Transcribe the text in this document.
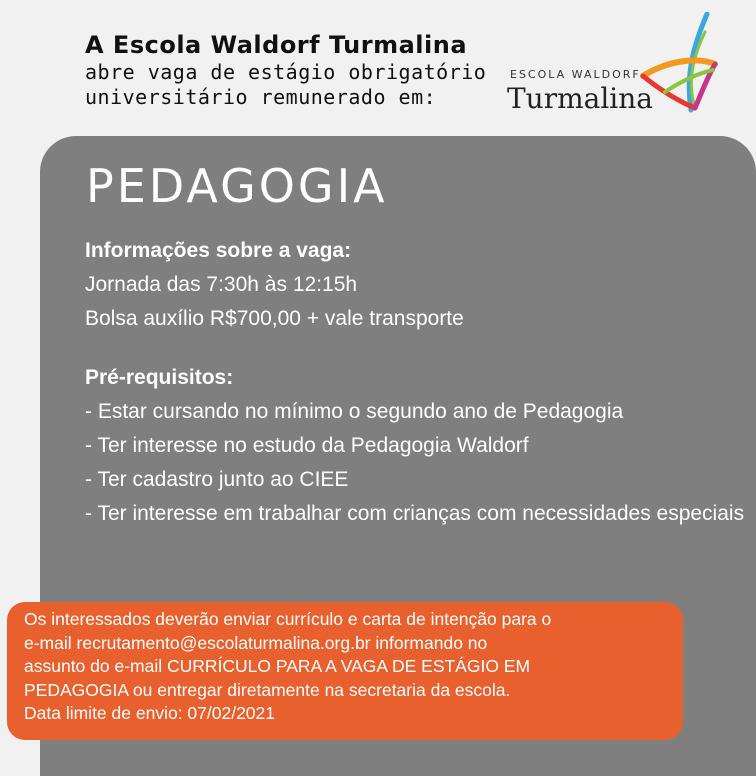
A Escola Waldorf Turmalina
abre vaga de estágio obrigatório
universitário remunerado em:
ESCOLA WALDORF
Turmalina
PEDAGOGIA
Informações sobre a vaga:
Jornada das 7:30h às 12:15h
Bolsa auxílio R$700,00 + vale transporte
Pré-requisitos:
- Estar cursando no mínimo o segundo ano de Pedagogia
- Ter interesse no estudo da Pedagogia Waldorf
- Ter cadastro junto ao CIEE
- Ter interesse em trabalhar com crianças com necessidades especiais
Os interessados deverão enviar currículo e carta de intenção para o
e-mail recrutamento@escolaturmalina.org.br informando no
assunto do e-mail CURRÍCULO PARA A VAGA DE ESTÁGIO EM
PEDAGOGIA ou entregar diretamente na secretaria da escola.
Data limite de envio: 07/02/2021
